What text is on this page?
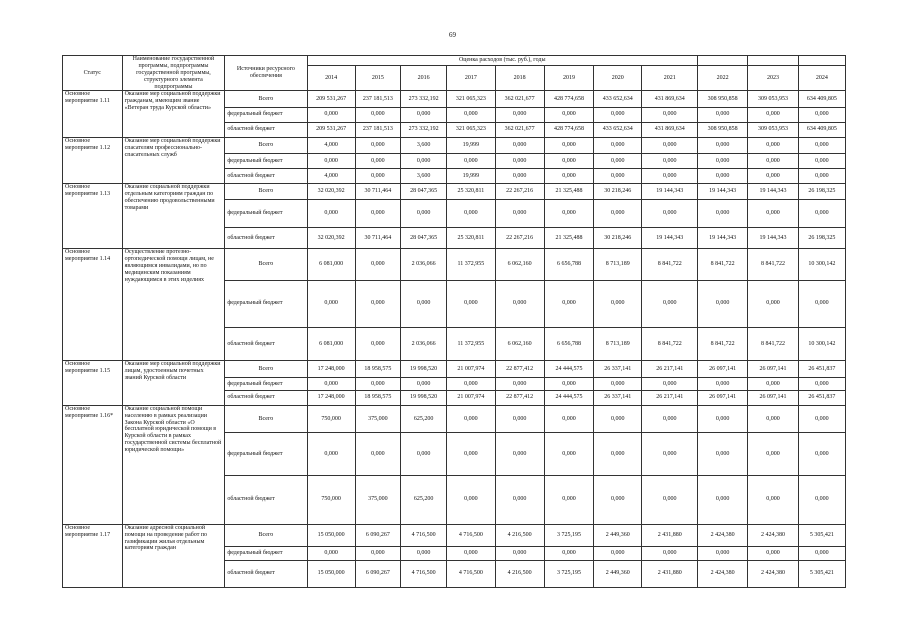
69
Статус	Наименование государственной программы, подпрограммы государственной программы, структурного элемента подпрограммы	Источники ресурсного обеспечения	Оценка расходов (тыс. руб.), годы										
			2014	2015	2016	2017	2018	2019	2020	2021	2022	2023	2024
Основное мероприятие 1.11	Оказание мер социальной поддержки гражданам, имеющим звание «Ветеран труда Курской области»	Всего	209 531,267	237 181,513	273 332,192	321 065,323	362 021,677	428 774,658	433 652,634	431 869,634	308 950,858	309 053,953	634 409,805
		федеральный бюджет	0,000	0,000	0,000	0,000	0,000	0,000	0,000	0,000	0,000	0,000	0,000
		областной бюджет	209 531,267	237 181,513	273 332,192	321 065,323	362 021,677	428 774,658	433 652,634	431 869,634	308 950,858	309 053,953	634 409,805
Основное мероприятие 1.12	Оказание мер социальной поддержки спасателям профессионально-спасательных служб	Всего	4,000	0,000	3,600	19,999	0,000	0,000	0,000	0,000	0,000	0,000	0,000
		федеральный бюджет	0,000	0,000	0,000	0,000	0,000	0,000	0,000	0,000	0,000	0,000	0,000
		областной бюджет	4,000	0,000	3,600	19,999	0,000	0,000	0,000	0,000	0,000	0,000	0,000
Основное мероприятие 1.13	Оказание социальной поддержки отдельным категориям граждан по обеспечению продовольственными товарами	Всего	32 020,392	30 711,464	28 047,365	25 320,811	22 267,216	21 325,488	30 218,246	19 144,343	19 144,343	19 144,343	26 198,325
		федеральный бюджет	0,000	0,000	0,000	0,000	0,000	0,000	0,000	0,000	0,000	0,000	0,000
		областной бюджет	32 020,392	30 711,464	28 047,365	25 320,811	22 267,216	21 325,488	30 218,246	19 144,343	19 144,343	19 144,343	26 198,325
Основное мероприятие 1.14	Осуществление протезно-ортопедической помощи лицам, не являющимся инвалидами, но по медицинским показаниям нуждающимся в этих изделиях	Всего	6 081,000	0,000	2 036,066	11 372,955	6 062,160	6 656,788	8 713,189	8 841,722	8 841,722	8 841,722	10 300,142
		федеральный бюджет	0,000	0,000	0,000	0,000	0,000	0,000	0,000	0,000	0,000	0,000	0,000
		областной бюджет	6 081,000	0,000	2 036,066	11 372,955	6 062,160	6 656,788	8 713,189	8 841,722	8 841,722	8 841,722	10 300,142
Основное мероприятие 1.15	Оказание мер социальной поддержки лицам, удостоенным почетных званий Курской области	Всего	17 248,000	18 958,575	19 998,520	21 007,974	22 877,412	24 444,575	26 337,141	26 217,141	26 097,141	26 097,141	26 451,837
		федеральный бюджет	0,000	0,000	0,000	0,000	0,000	0,000	0,000	0,000	0,000	0,000	0,000
		областной бюджет	17 248,000	18 958,575	19 998,520	21 007,974	22 877,412	24 444,575	26 337,141	26 217,141	26 097,141	26 097,141	26 451,837
Основное мероприятие 1.16*	Оказание социальной помощи населению в рамках реализации Закона Курской области «О бесплатной юридической помощи в Курской области в рамках государственной системы бесплатной юридической помощи»	Всего	750,000	375,000	625,200	0,000	0,000	0,000	0,000	0,000	0,000	0,000	0,000
		федеральный бюджет	0,000	0,000	0,000	0,000	0,000	0,000	0,000	0,000	0,000	0,000	0,000
		областной бюджет	750,000	375,000	625,200	0,000	0,000	0,000	0,000	0,000	0,000	0,000	0,000
Основное мероприятие 1.17	Оказание адресной социальной помощи на проведение работ по газификации жилья отдельным категориям граждан	Всего	15 050,000	6 090,267	4 716,500	4 716,500	4 216,500	3 725,195	2 449,360	2 431,880	2 424,380	2 424,380	5 305,421
		федеральный бюджет	0,000	0,000	0,000	0,000	0,000	0,000	0,000	0,000	0,000	0,000	0,000
		областной бюджет	15 050,000	6 090,267	4 716,500	4 716,500	4 216,500	3 725,195	2 449,360	2 431,880	2 424,380	2 424,380	5 305,421
